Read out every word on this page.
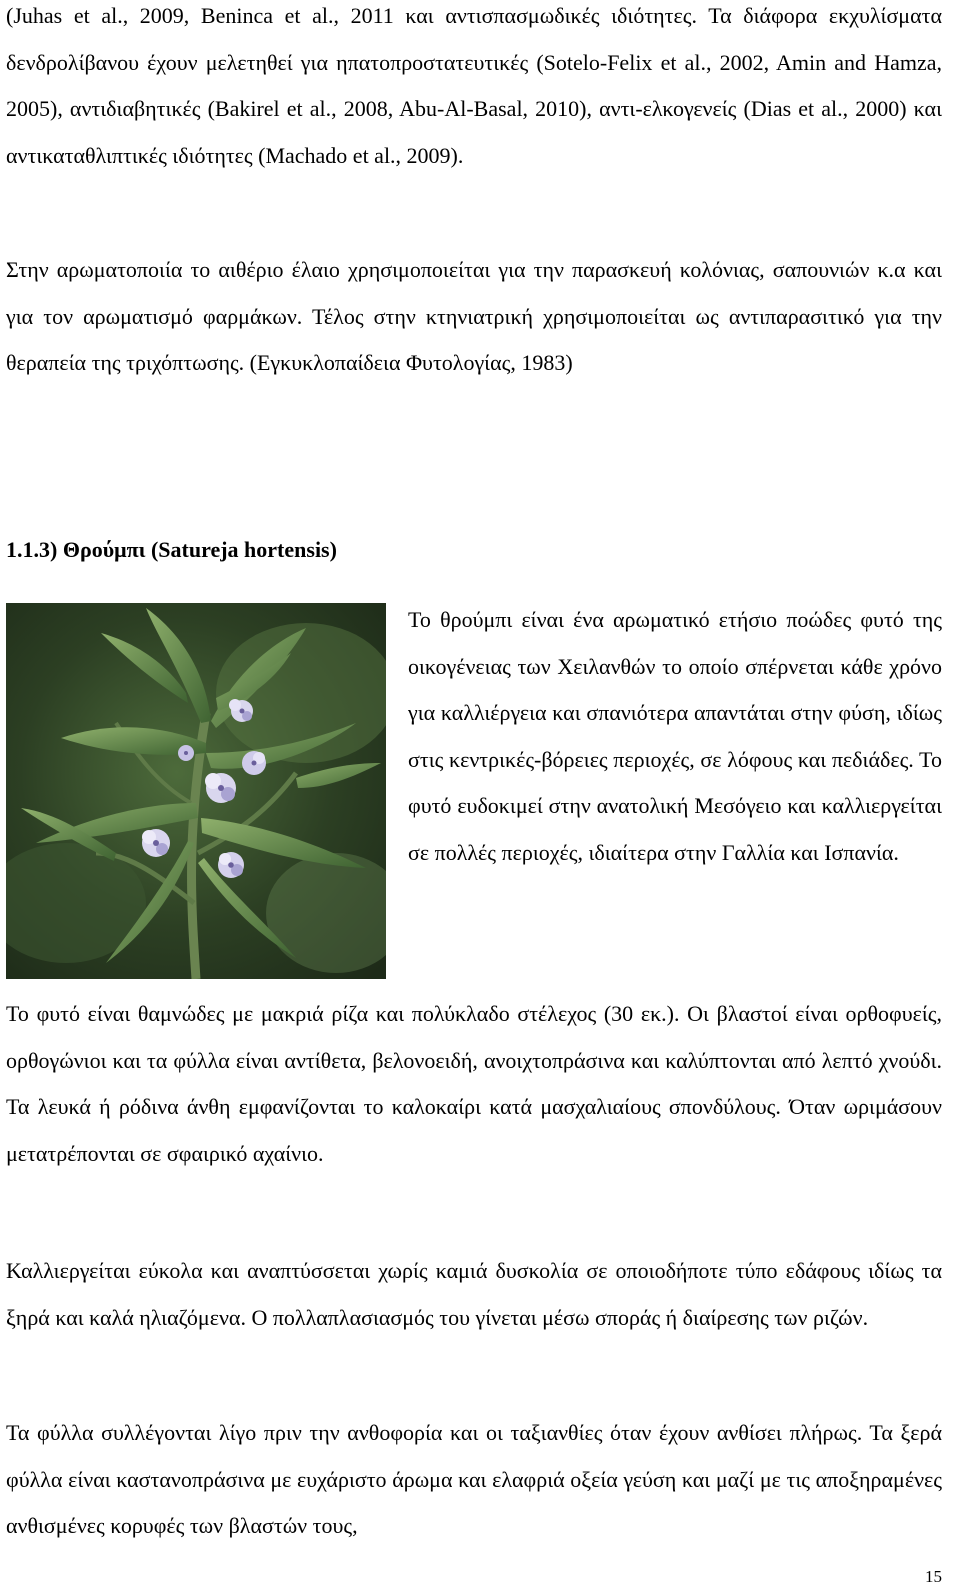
(Juhas et al., 2009, Beninca et al., 2011 και αντισπασμωδικές ιδιότητες. Τα διάφορα εκχυλίσματα δενδρολίβανου έχουν μελετηθεί για ηπατοπροστατευτικές (Sotelo-Felix et al., 2002, Amin and Hamza, 2005), αντιδιαβητικές (Bakirel et al., 2008, Abu-Al-Basal, 2010), αντι-ελκογενείς (Dias et al., 2000) και αντικαταθλιπτικές ιδιότητες (Machado et al., 2009).

Στην αρωματοποιία το αιθέριο έλαιο χρησιμοποιείται για την παρασκευή κολόνιας, σαπουνιών κ.α και για τον αρωματισμό φαρμάκων. Τέλος στην κτηνιατρική χρησιμοποιείται ως αντιπαρασιτικό για την θεραπεία της τριχόπτωσης. (Εγκυκλοπαίδεια Φυτολογίας, 1983)

1.1.3) Θρούμπι (Satureja hortensis)

Το θρούμπι είναι ένα αρωματικό ετήσιο ποώδες φυτό της οικογένειας των Χειλανθών το οποίο σπέρνεται κάθε χρόνο για καλλιέργεια και σπανιότερα απαντάται στην φύση, ιδίως στις κεντρικές-βόρειες περιοχές, σε λόφους και πεδιάδες. Το φυτό ευδοκιμεί στην ανατολική Μεσόγειο και καλλιεργείται σε πολλές περιοχές, ιδιαίτερα στην Γαλλία και Ισπανία.

Το φυτό είναι θαμνώδες με μακριά ρίζα και πολύκλαδο στέλεχος (30 εκ.). Οι βλαστοί είναι ορθοφυείς, ορθογώνιοι και τα φύλλα είναι αντίθετα, βελονοειδή, ανοιχτοπράσινα και καλύπτονται από λεπτό χνούδι. Τα λευκά ή ρόδινα άνθη εμφανίζονται το καλοκαίρι κατά μασχαλιαίους σπονδύλους. Όταν ωριμάσουν μετατρέπονται σε σφαιρικό αχαίνιο.

Καλλιεργείται εύκολα και αναπτύσσεται χωρίς καμιά δυσκολία σε οποιοδήποτε τύπο εδάφους ιδίως τα ξηρά και καλά ηλιαζόμενα. Ο πολλαπλασιασμός του γίνεται μέσω σποράς ή διαίρεσης των ριζών.

Τα φύλλα συλλέγονται λίγο πριν την ανθοφορία και οι ταξιανθίες όταν έχουν ανθίσει πλήρως. Τα ξερά φύλλα είναι καστανοπράσινα με ευχάριστο άρωμα και ελαφριά οξεία γεύση και μαζί με τις αποξηραμένες ανθισμένες κορυφές των βλαστών τους,

15
